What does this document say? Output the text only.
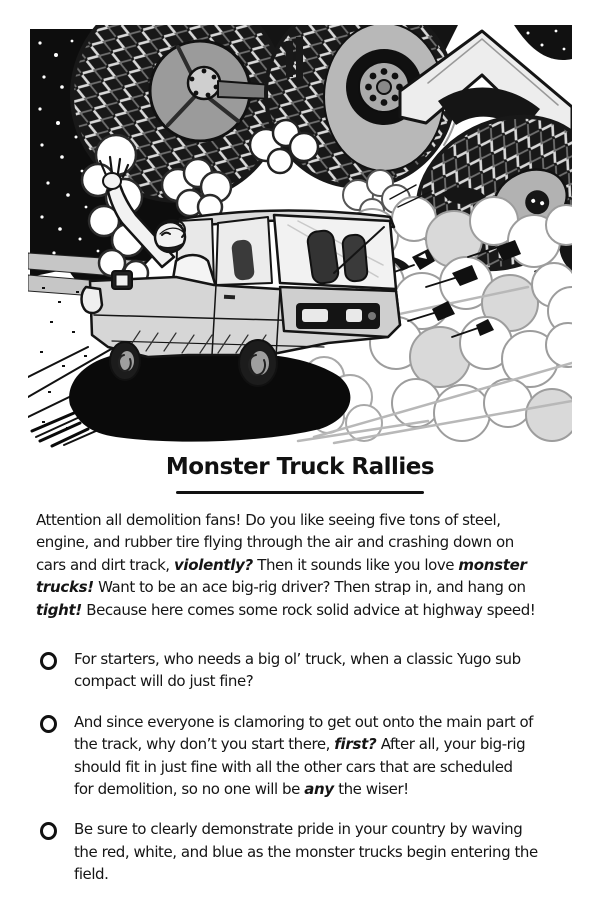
Monster Truck Rallies
Attention all demolition fans! Do you like seeing five tons of steel,
engine, and rubber tire flying through the air and crashing down on
cars and dirt track, violently? Then it sounds like you love monster
trucks! Want to be an ace big-rig driver? Then strap in, and hang on
tight! Because here comes some rock solid advice at highway speed!
For starters, who needs a big ol’ truck, when a classic Yugo sub
compact will do just fine?
And since everyone is clamoring to get out onto the main part of
the track, why don’t you start there, first? After all, your big-rig
should fit in just fine with all the other cars that are scheduled
for demolition, so no one will be any the wiser!
Be sure to clearly demonstrate pride in your country by waving
the red, white, and blue as the monster trucks begin entering the
field.
